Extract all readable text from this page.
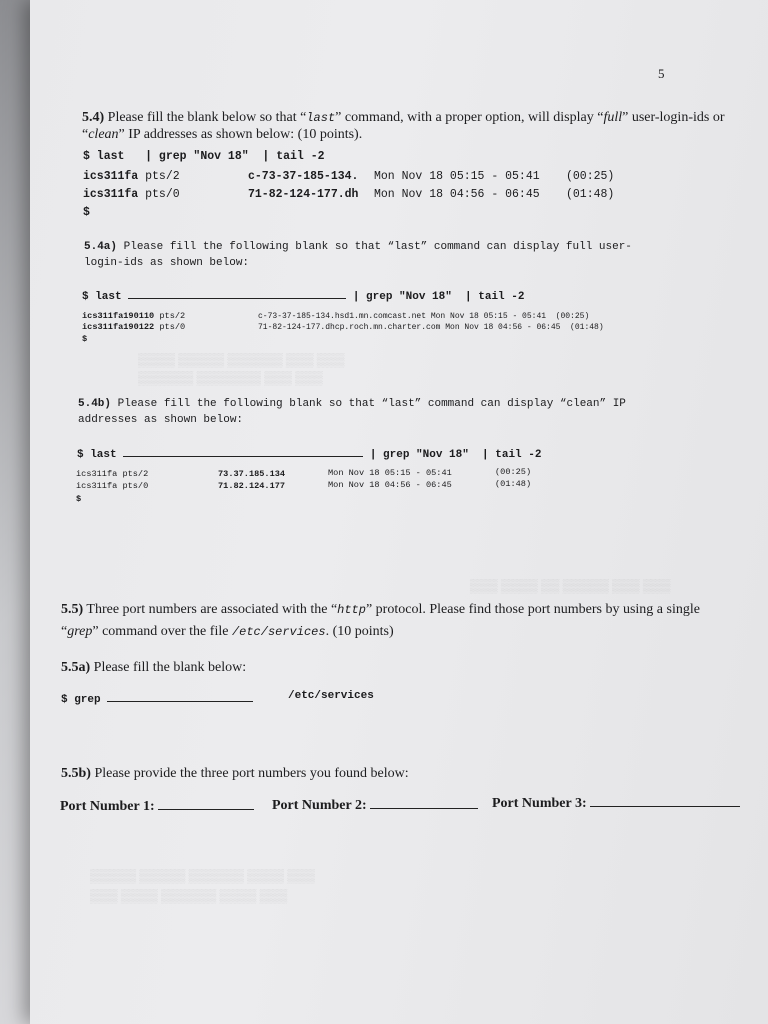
▒▒▒▒ ▒▒▒▒▒ ▒▒▒▒▒▒ ▒▒▒ ▒▒▒
▒▒▒▒▒▒ ▒▒▒▒▒▒▒ ▒▒▒ ▒▒▒
▒▒▒ ▒▒▒▒ ▒▒ ▒▒▒▒▒ ▒▒▒ ▒▒▒
▒▒▒▒▒ ▒▒▒▒▒ ▒▒▒▒▒▒ ▒▒▒▒ ▒▒▒
▒▒▒ ▒▒▒▒ ▒▒▒▒▒▒ ▒▒▒▒ ▒▒▒
5
5.4) Please fill the blank below so that “last” command, with a proper option, will display “full” user-login-ids or
“clean” IP addresses as shown below: (10 points).
$ last   | grep "Nov 18"  | tail -2
ics311fa pts/2	c-73-37-185-134. Mon Nov 18 05:15 - 05:41 (00:25)
ics311fa pts/0	71-82-124-177.dh Mon Nov 18 04:56 - 06:45 (01:48)
$
5.4a) Please fill the following blank so that “last” command can display full user-
login-ids as shown below:
$ last	| grep "Nov 18"  | tail -2
ics311fa190110 pts/2	c-73-37-185-134.hsd1.mn.comcast.net Mon Nov 18 05:15 - 05:41  (00:25)
ics311fa190122 pts/0	71-82-124-177.dhcp.roch.mn.charter.com Mon Nov 18 04:56 - 06:45  (01:48)
$
5.4b) Please fill the following blank so that “last” command can display “clean” IP
addresses as shown below:
$ last	| grep "Nov 18"  | tail -2
ics311fa pts/2	73.37.185.134	Mon Nov 18 05:15 - 05:41	(00:25)
ics311fa pts/0	71.82.124.177	Mon Nov 18 04:56 - 06:45	(01:48)
$
5.5) Three port numbers are associated with the “http” protocol. Please find those port numbers by using a single
“grep” command over the file /etc/services. (10 points)
5.5a) Please fill the blank below:
$ grep	/etc/services
5.5b) Please provide the three port numbers you found below:
Port Number 1:	Port Number 2:	Port Number 3:
